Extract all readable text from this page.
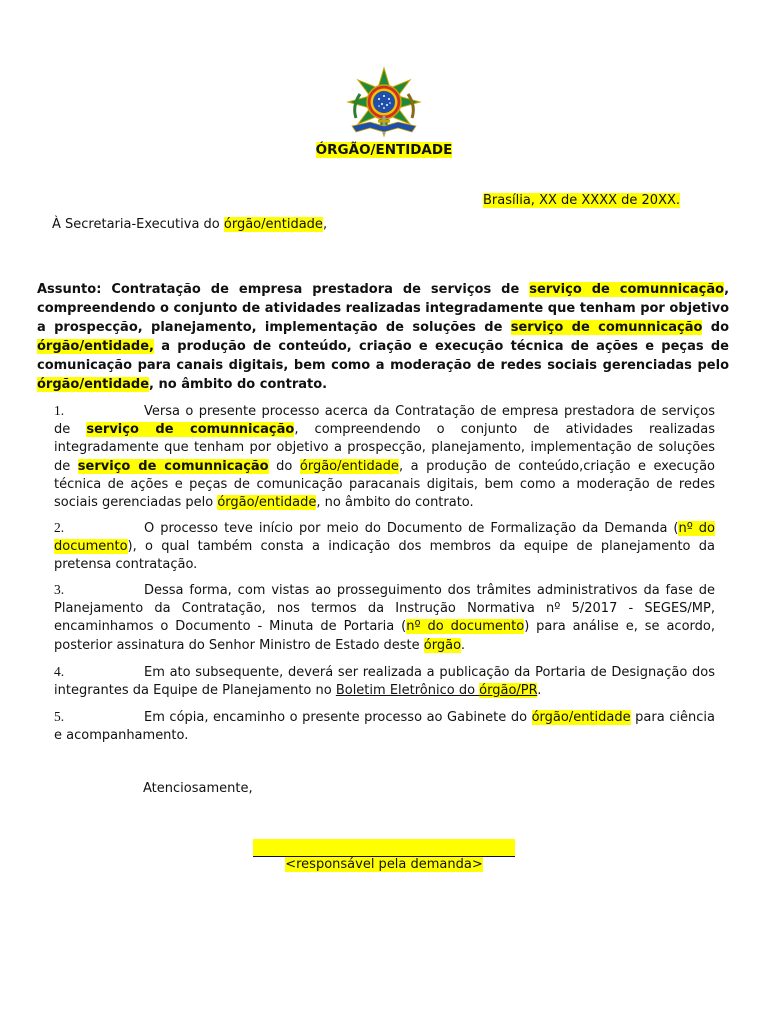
ÓRGÃO/ENTIDADE
Brasília, XX de XXXX de 20XX.
À Secretaria-Executiva do órgão/entidade,
Assunto: Contratação de empresa prestadora de serviços de serviço de comunnicação, compreendendo o conjunto de atividades realizadas integradamente que tenham por objetivo a prospecção, planejamento, implementação de soluções de serviço de comunnicação do órgão/entidade, a produção de conteúdo, criação e execução técnica de ações e peças de comunicação para canais digitais, bem como a moderação de redes sociais gerenciadas pelo órgão/entidade, no âmbito do contrato.
1.	Versa o presente processo acerca da Contratação de empresa prestadora de serviços de serviço de comunnicação, compreendendo o conjunto de atividades realizadas integradamente que tenham por objetivo a prospecção, planejamento, implementação de soluções de serviço de comunnicação do órgão/entidade, a produção de conteúdo,criação e execução técnica de ações e peças de comunicação paracanais digitais, bem como a moderação de redes sociais gerenciadas pelo órgão/entidade, no âmbito do contrato.
2.	O processo teve início por meio do Documento de Formalização da Demanda (nº do documento), o qual também consta a indicação dos membros da equipe de planejamento da pretensa contratação.
3.	Dessa forma, com vistas ao prosseguimento dos trâmites administrativos da fase de Planejamento da Contratação, nos termos da Instrução Normativa nº 5/2017 - SEGES/MP, encaminhamos o Documento - Minuta de Portaria (nº do documento) para análise e, se acordo, posterior assinatura do Senhor Ministro de Estado deste órgão.
4.	Em ato subsequente, deverá ser realizada a publicação da Portaria de Designação dos integrantes da Equipe de Planejamento no Boletim Eletrônico do órgão/PR.
5.	Em cópia, encaminho o presente processo ao Gabinete do órgão/entidade para ciência e acompanhamento.
Atenciosamente,
<responsável pela demanda>
